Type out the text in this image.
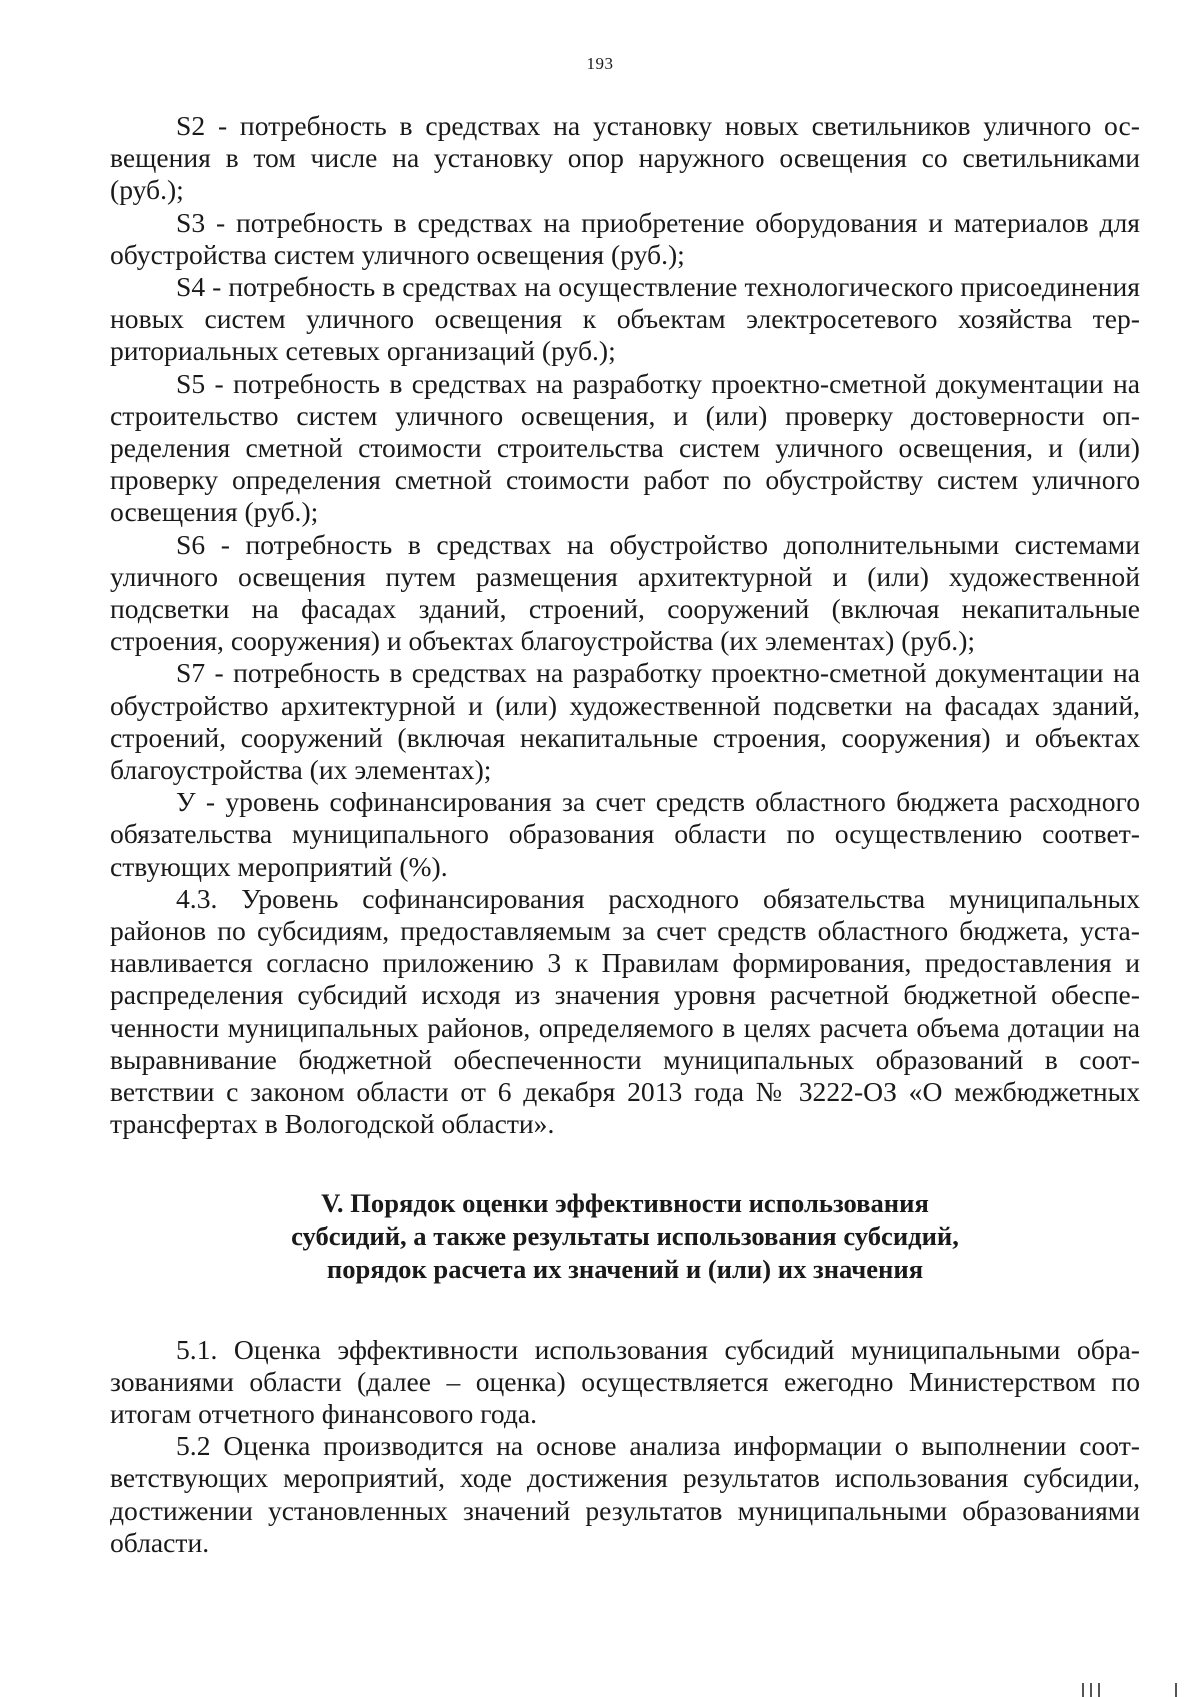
193

S2 - потребность в средствах на установку новых светильников уличного освещения в том числе на установку опор наружного освещения со светильниками (руб.);

S3 - потребность в средствах на приобретение оборудования и материалов для обустройства систем уличного освещения (руб.);

S4 - потребность в средствах на осуществление технологического присоединения новых систем уличного освещения к объектам электросетевого хозяйства территориальных сетевых организаций (руб.);

S5 - потребность в средствах на разработку проектно-сметной документации на строительство систем уличного освещения, и (или) проверку достоверности определения сметной стоимости строительства систем уличного освещения, и (или) проверку определения сметной стоимости работ по обустройству систем уличного освещения (руб.);

S6 - потребность в средствах на обустройство дополнительными системами уличного освещения путем размещения архитектурной и (или) художественной подсветки на фасадах зданий, строений, сооружений (включая некапитальные строения, сооружения) и объектах благоустройства (их элементах) (руб.);

S7 - потребность в средствах на разработку проектно-сметной документации на обустройство архитектурной и (или) художественной подсветки на фасадах зданий, строений, сооружений (включая некапитальные строения, сооружения) и объектах благоустройства (их элементах);

У - уровень софинансирования за счет средств областного бюджета расходного обязательства муниципального образования области по осуществлению соответствующих мероприятий (%).

4.3. Уровень софинансирования расходного обязательства муниципальных районов по субсидиям, предоставляемым за счет средств областного бюджета, устанавливается согласно приложению 3 к Правилам формирования, предоставления и распределения субсидий исходя из значения уровня расчетной бюджетной обеспеченности муниципальных районов, определяемого в целях расчета объема дотации на выравнивание бюджетной обеспеченности муниципальных образований в соответствии с законом области от 6 декабря 2013 года № 3222-ОЗ «О межбюджетных трансфертах в Вологодской области».

V. Порядок оценки эффективности использования
субсидий, а также результаты использования субсидий,
порядок расчета их значений и (или) их значения

5.1. Оценка эффективности использования субсидий муниципальными образованиями области (далее – оценка) осуществляется ежегодно Министерством по итогам отчетного финансового года.

5.2 Оценка производится на основе анализа информации о выполнении соответствующих мероприятий, ходе достижения результатов использования субсидии, достижении установленных значений результатов муниципальными образованиями области.
